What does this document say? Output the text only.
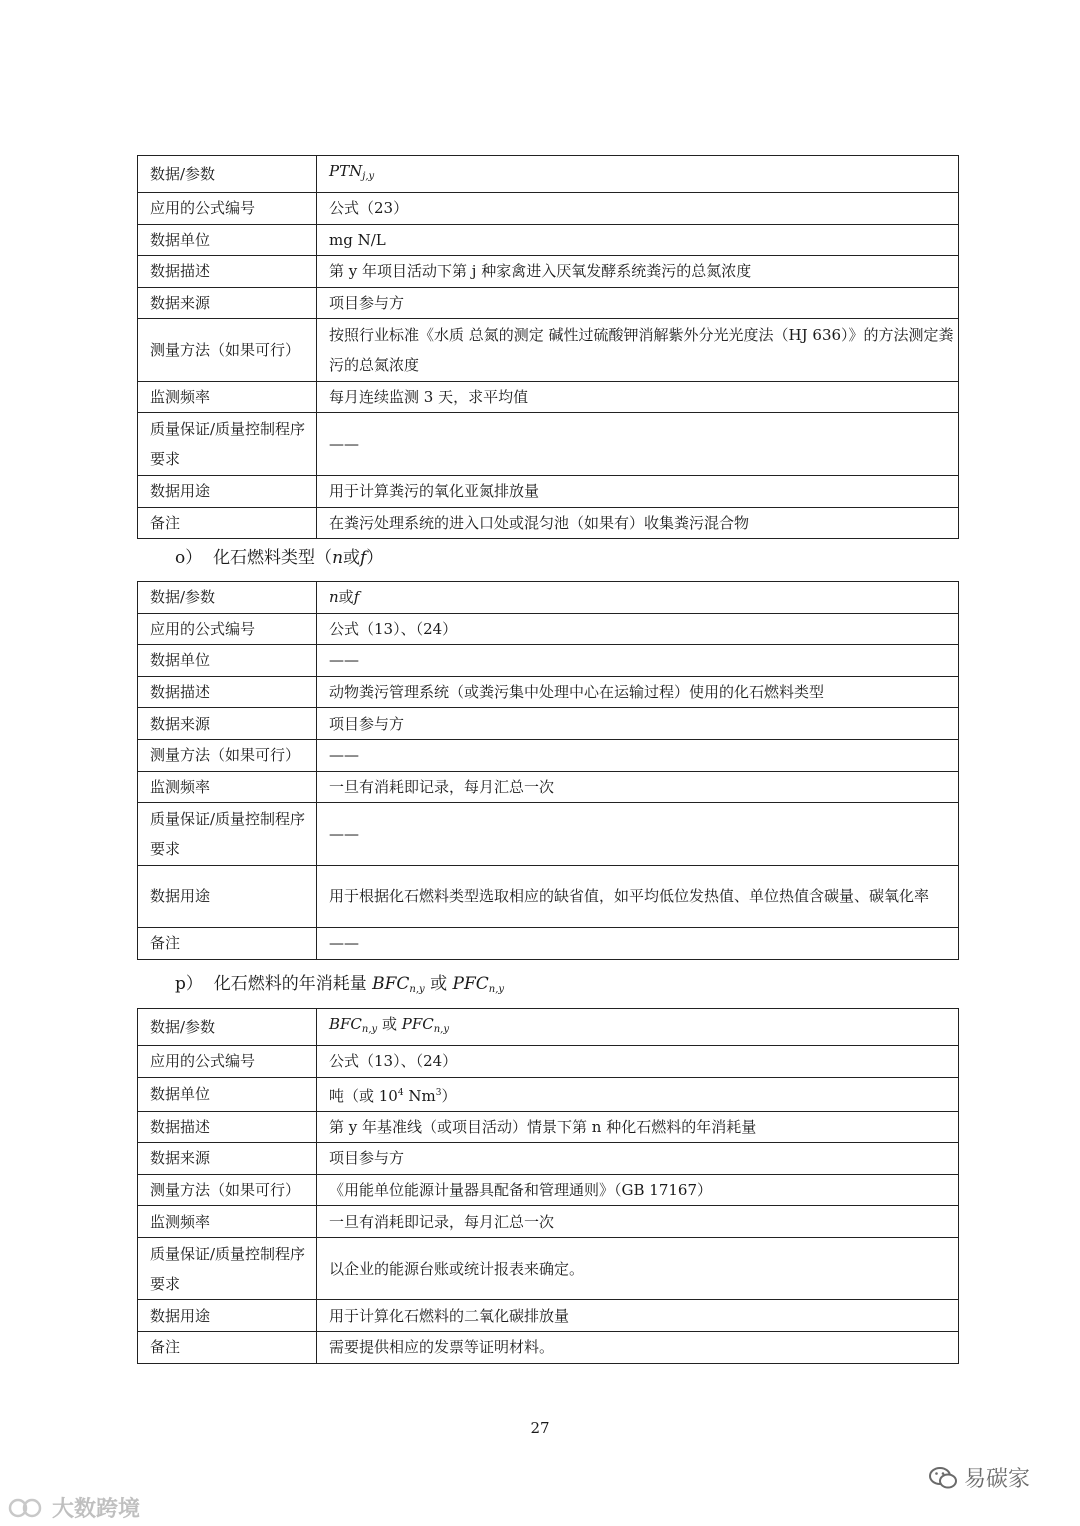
数据/参数	$PTN_{j,y}$
应用的公式编号	公式（23）
数据单位	mg N/L
数据描述	第 y 年项目活动下第 j 种家禽进入厌氧发酵系统粪污的总氮浓度
数据来源	项目参与方
测量方法（如果可行）	按照行业标准《水质 总氮的测定 碱性过硫酸钾消解紫外分光光度法（HJ 636）》的方法测定粪污的总氮浓度
监测频率	每月连续监测 3 天，求平均值
质量保证/质量控制程序要求	——
数据用途	用于计算粪污的氧化亚氮排放量
备注	在粪污处理系统的进入口处或混匀池（如果有）收集粪污混合物
o） 化石燃料类型（n或f）
数据/参数	n或f
应用的公式编号	公式（13）、（24）
数据单位	——
数据描述	动物粪污管理系统（或粪污集中处理中心在运输过程）使用的化石燃料类型
数据来源	项目参与方
测量方法（如果可行）	——
监测频率	一旦有消耗即记录，每月汇总一次
质量保证/质量控制程序要求	——
数据用途	用于根据化石燃料类型选取相应的缺省值，如平均低位发热值、单位热值含碳量、碳氧化率
备注	——
p） 化石燃料的年消耗量 $BFC_{n,y}$ 或 $PFC_{n,y}$
数据/参数	$BFC_{n,y}$ 或 $PFC_{n,y}$
应用的公式编号	公式（13）、（24）
数据单位	吨（或 $10^4$ Nm$^3$）
数据描述	第 y 年基准线（或项目活动）情景下第 n 种化石燃料的年消耗量
数据来源	项目参与方
测量方法（如果可行）	《用能单位能源计量器具配备和管理通则》（GB 17167）
监测频率	一旦有消耗即记录，每月汇总一次
质量保证/质量控制程序要求	以企业的能源台账或统计报表来确定。
数据用途	用于计算化石燃料的二氧化碳排放量
备注	需要提供相应的发票等证明材料。
27
大数跨境
易碳家
